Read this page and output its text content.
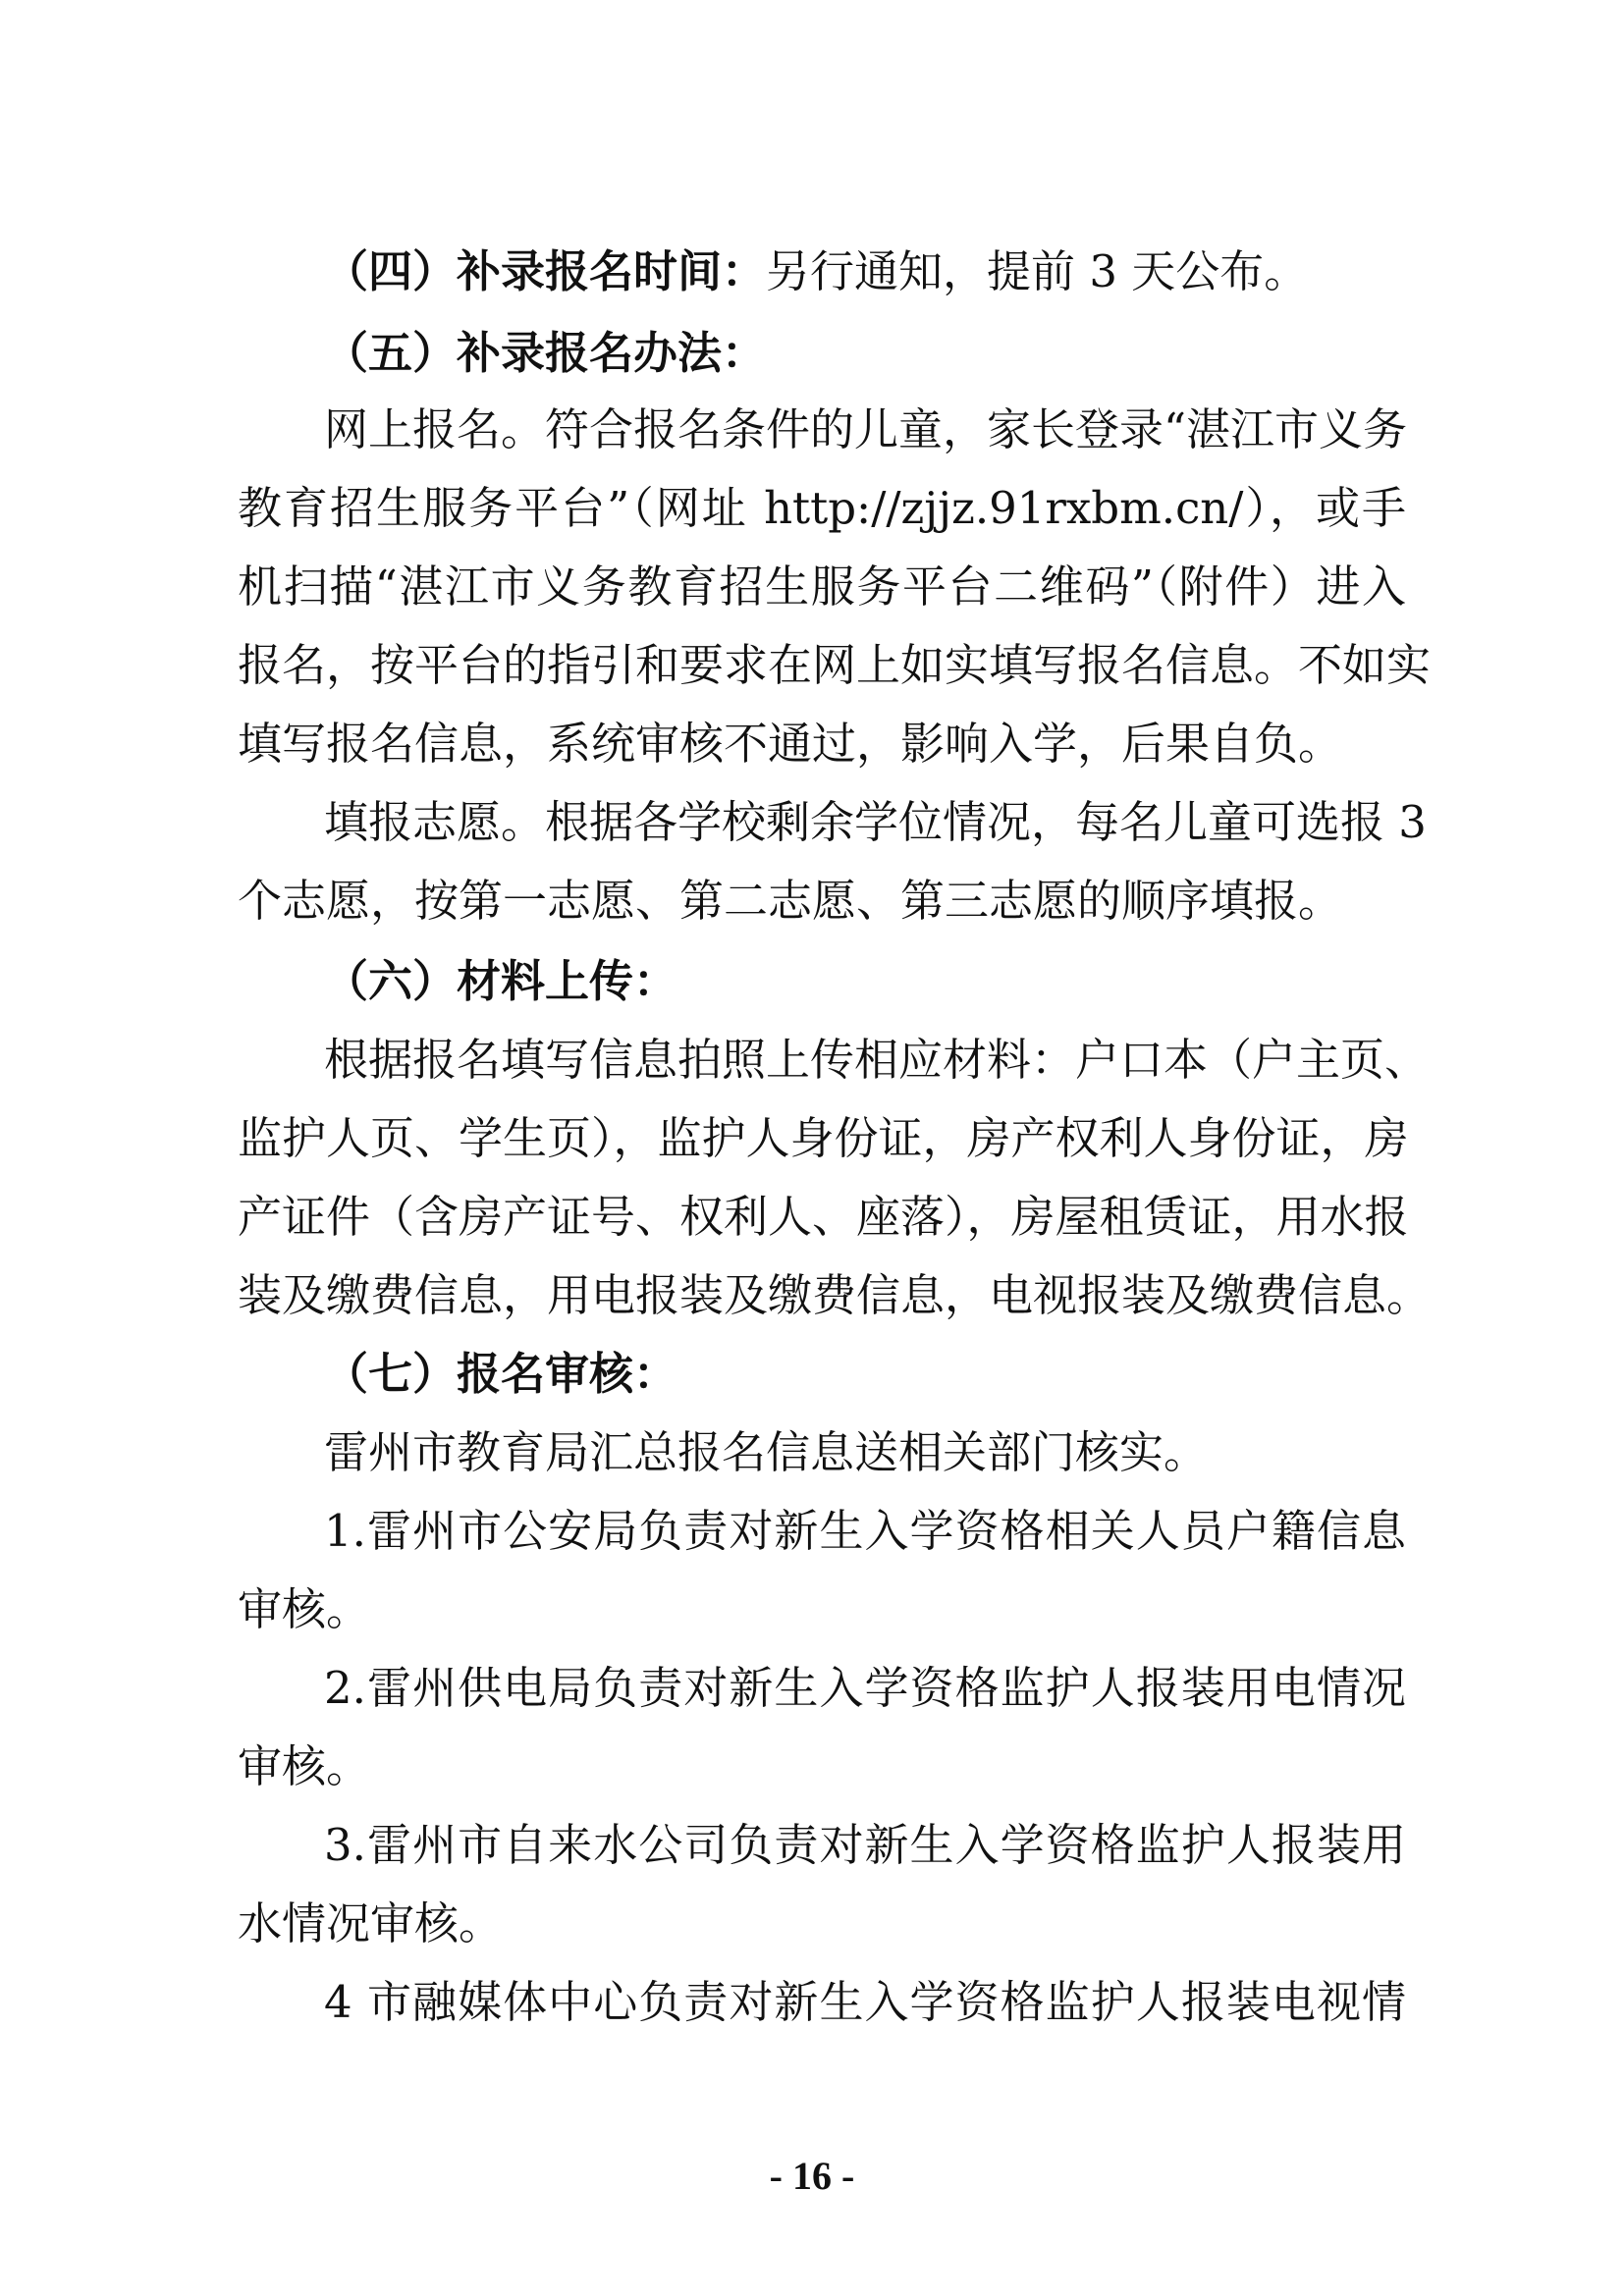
（四）补录报名时间：另行通知，提前 3 天公布。
（五）补录报名办法：
网上报名。符合报名条件的儿童，家长登录“湛江市义务
教育招生服务平台”（网址 http://zjjz.91rxbm.cn/），或手
机扫描“湛江市义务教育招生服务平台二维码”（附件）进入
报名，按平台的指引和要求在网上如实填写报名信息。不如实
填写报名信息，系统审核不通过，影响入学，后果自负。
填报志愿。根据各学校剩余学位情况，每名儿童可选报 3
个志愿，按第一志愿、第二志愿、第三志愿的顺序填报。
（六）材料上传：
根据报名填写信息拍照上传相应材料：户口本（户主页、
监护人页、学生页），监护人身份证，房产权利人身份证，房
产证件（含房产证号、权利人、座落），房屋租赁证，用水报
装及缴费信息，用电报装及缴费信息，电视报装及缴费信息。
（七）报名审核：
雷州市教育局汇总报名信息送相关部门核实。
1.雷州市公安局负责对新生入学资格相关人员户籍信息
审核。
2.雷州供电局负责对新生入学资格监护人报装用电情况
审核。
3.雷州市自来水公司负责对新生入学资格监护人报装用
水情况审核。
4 市融媒体中心负责对新生入学资格监护人报装电视情
- 16 -
